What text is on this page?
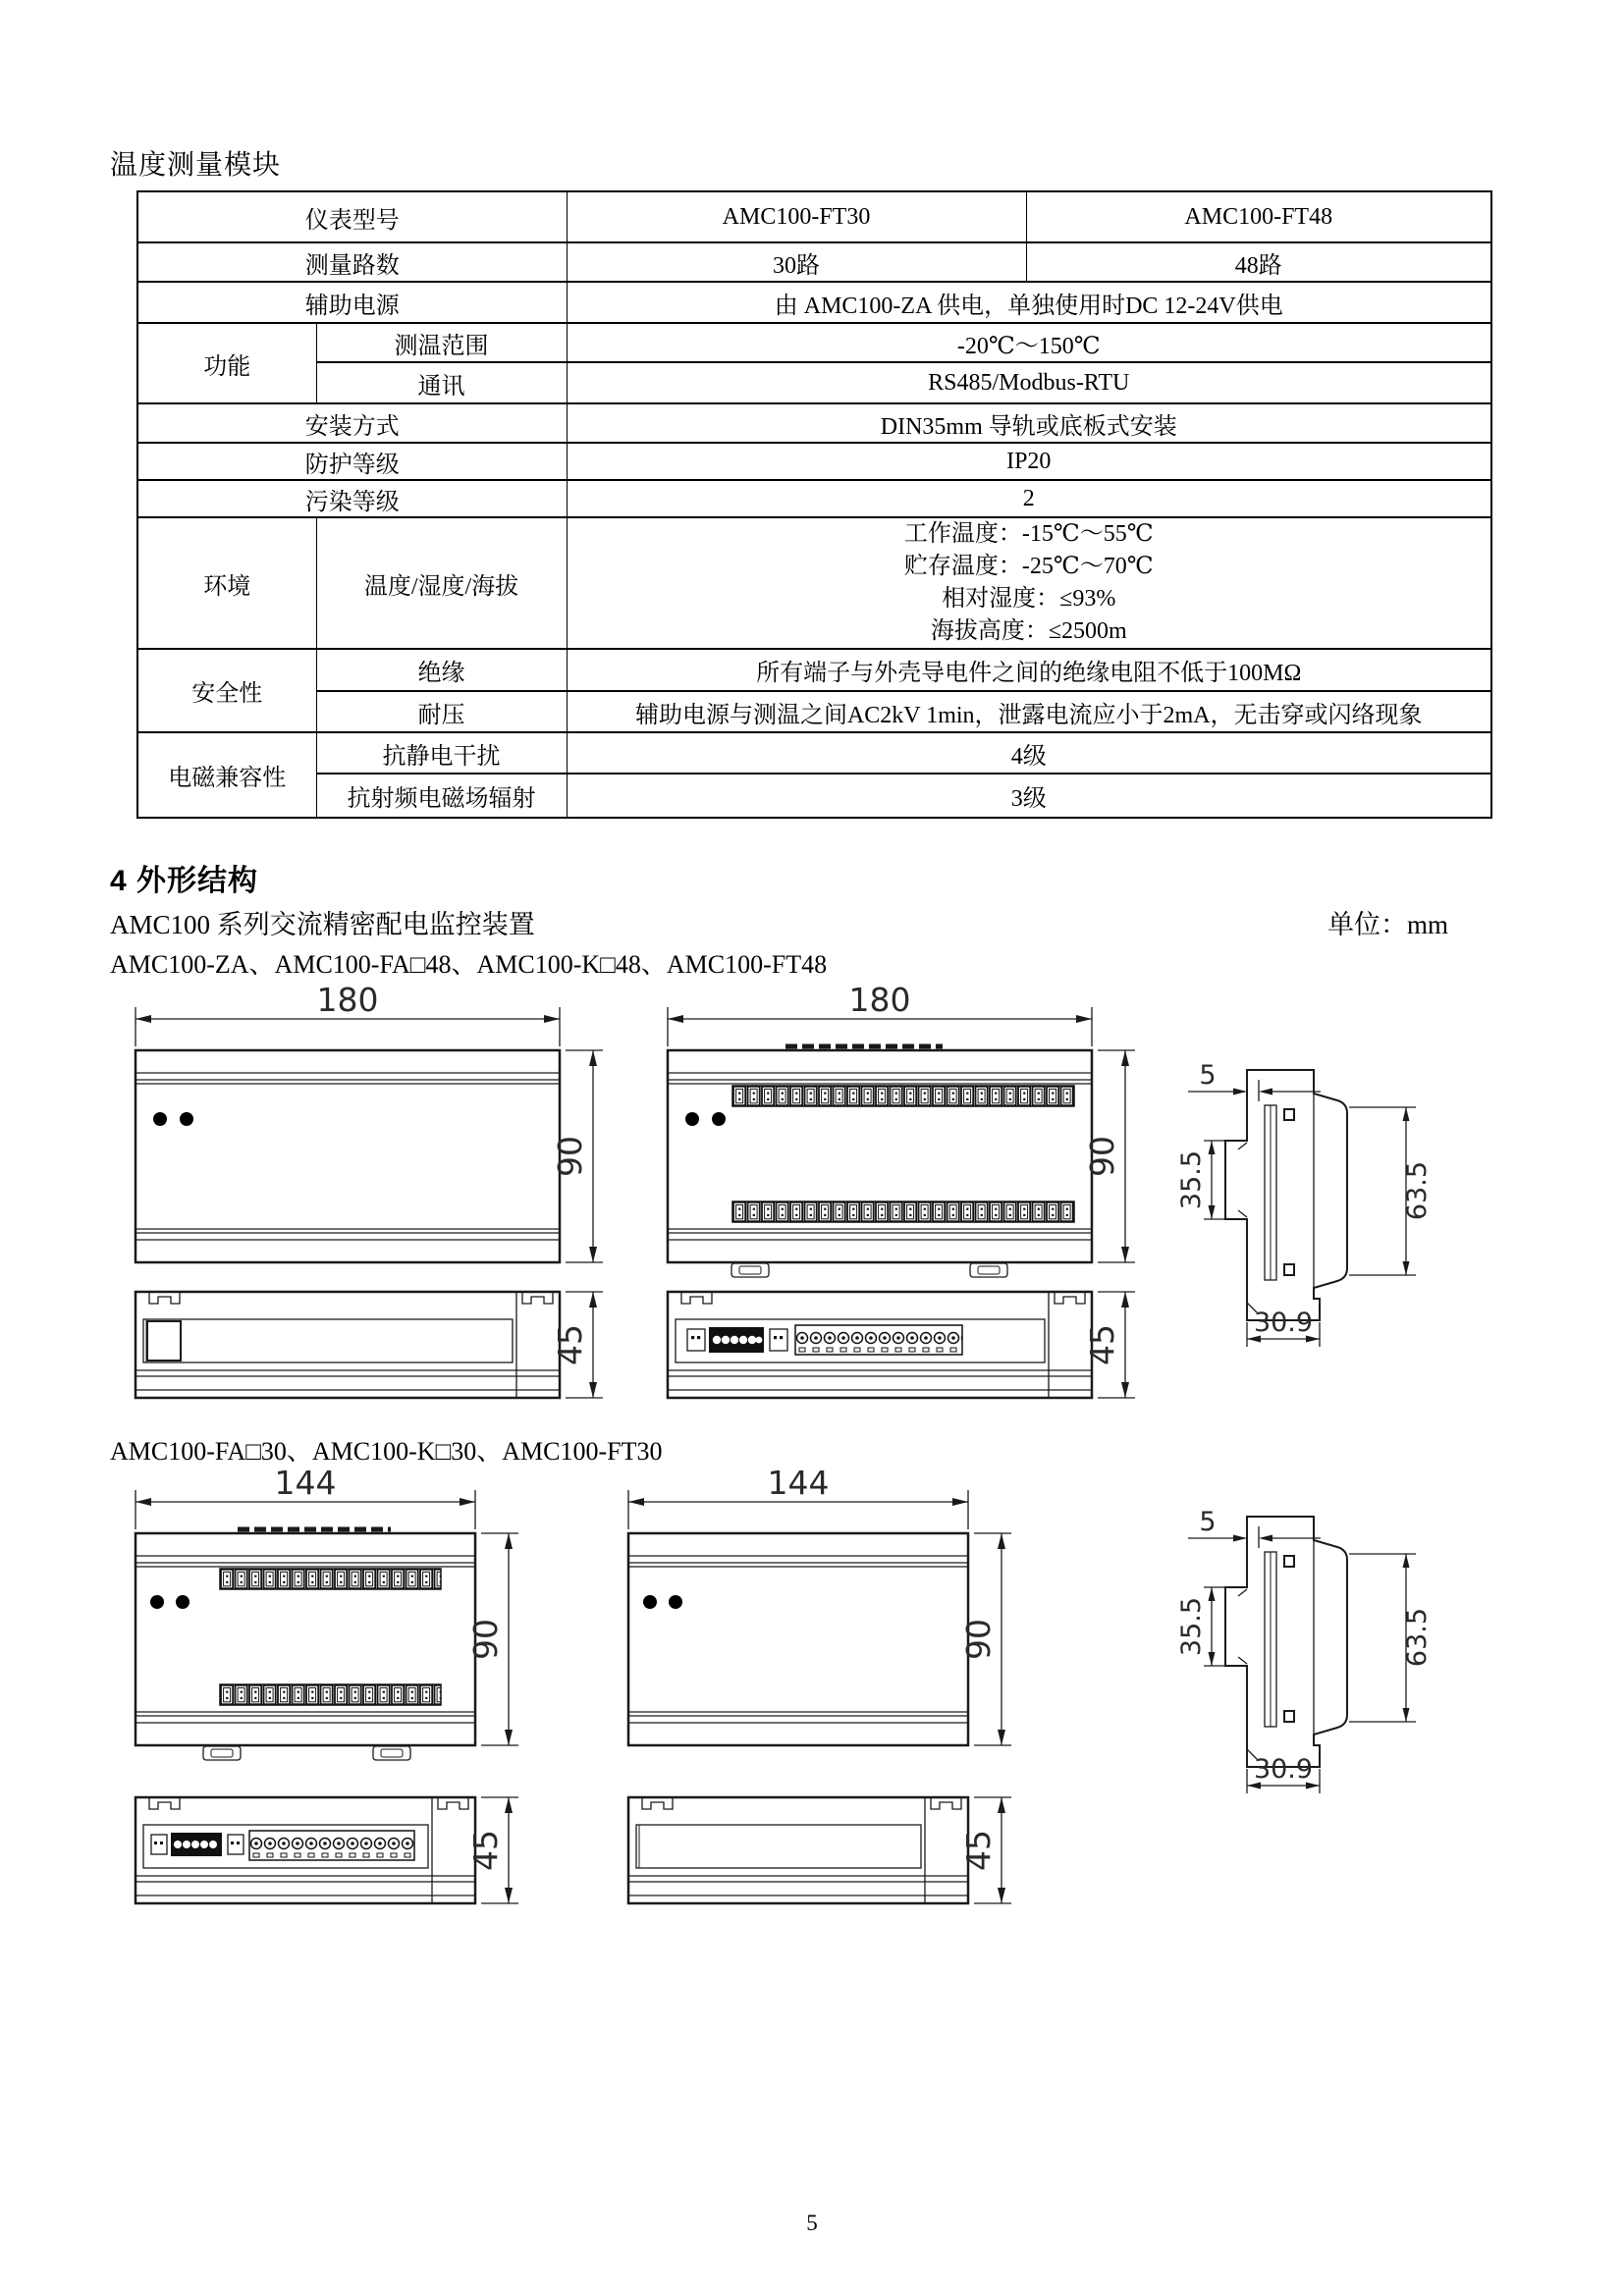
温度测量模块
仪表型号		AMC100-FT30	AMC100-FT48
测量路数		30路	48路
辅助电源		由 AMC100-ZA 供电，单独使用时DC 12-24V供电	
功能	测温范围	-20℃～150℃	
	通讯	RS485/Modbus-RTU	
安装方式		DIN35mm 导轨或底板式安装	
防护等级		IP20	
污染等级		2	
环境	温度/湿度/海拔	工作温度：-15℃～55℃
贮存温度：-25℃～70℃
相对湿度：≤93%
海拔高度：≤2500m	

安全性	绝缘	所有端子与外壳导电件之间的绝缘电阻不低于100MΩ	
	耐压	辅助电源与测温之间AC2kV 1min，泄露电流应小于2mA，无击穿或闪络现象	
电磁兼容性	抗静电干扰	4级	
	抗射频电磁场辐射	3级	
4 外形结构
AMC100 系列交流精密配电监控装置	单位：mm
AMC100-ZA、AMC100-FA□48、AMC100-K□48、AMC100-FT48
AMC100-FA□30、AMC100-K□30、AMC100-FT30
180
90
180
90
5
35.5	63.5
30.9
45	45
144
90
144
90
5
35.5	63.5
30.9
45	45
5
